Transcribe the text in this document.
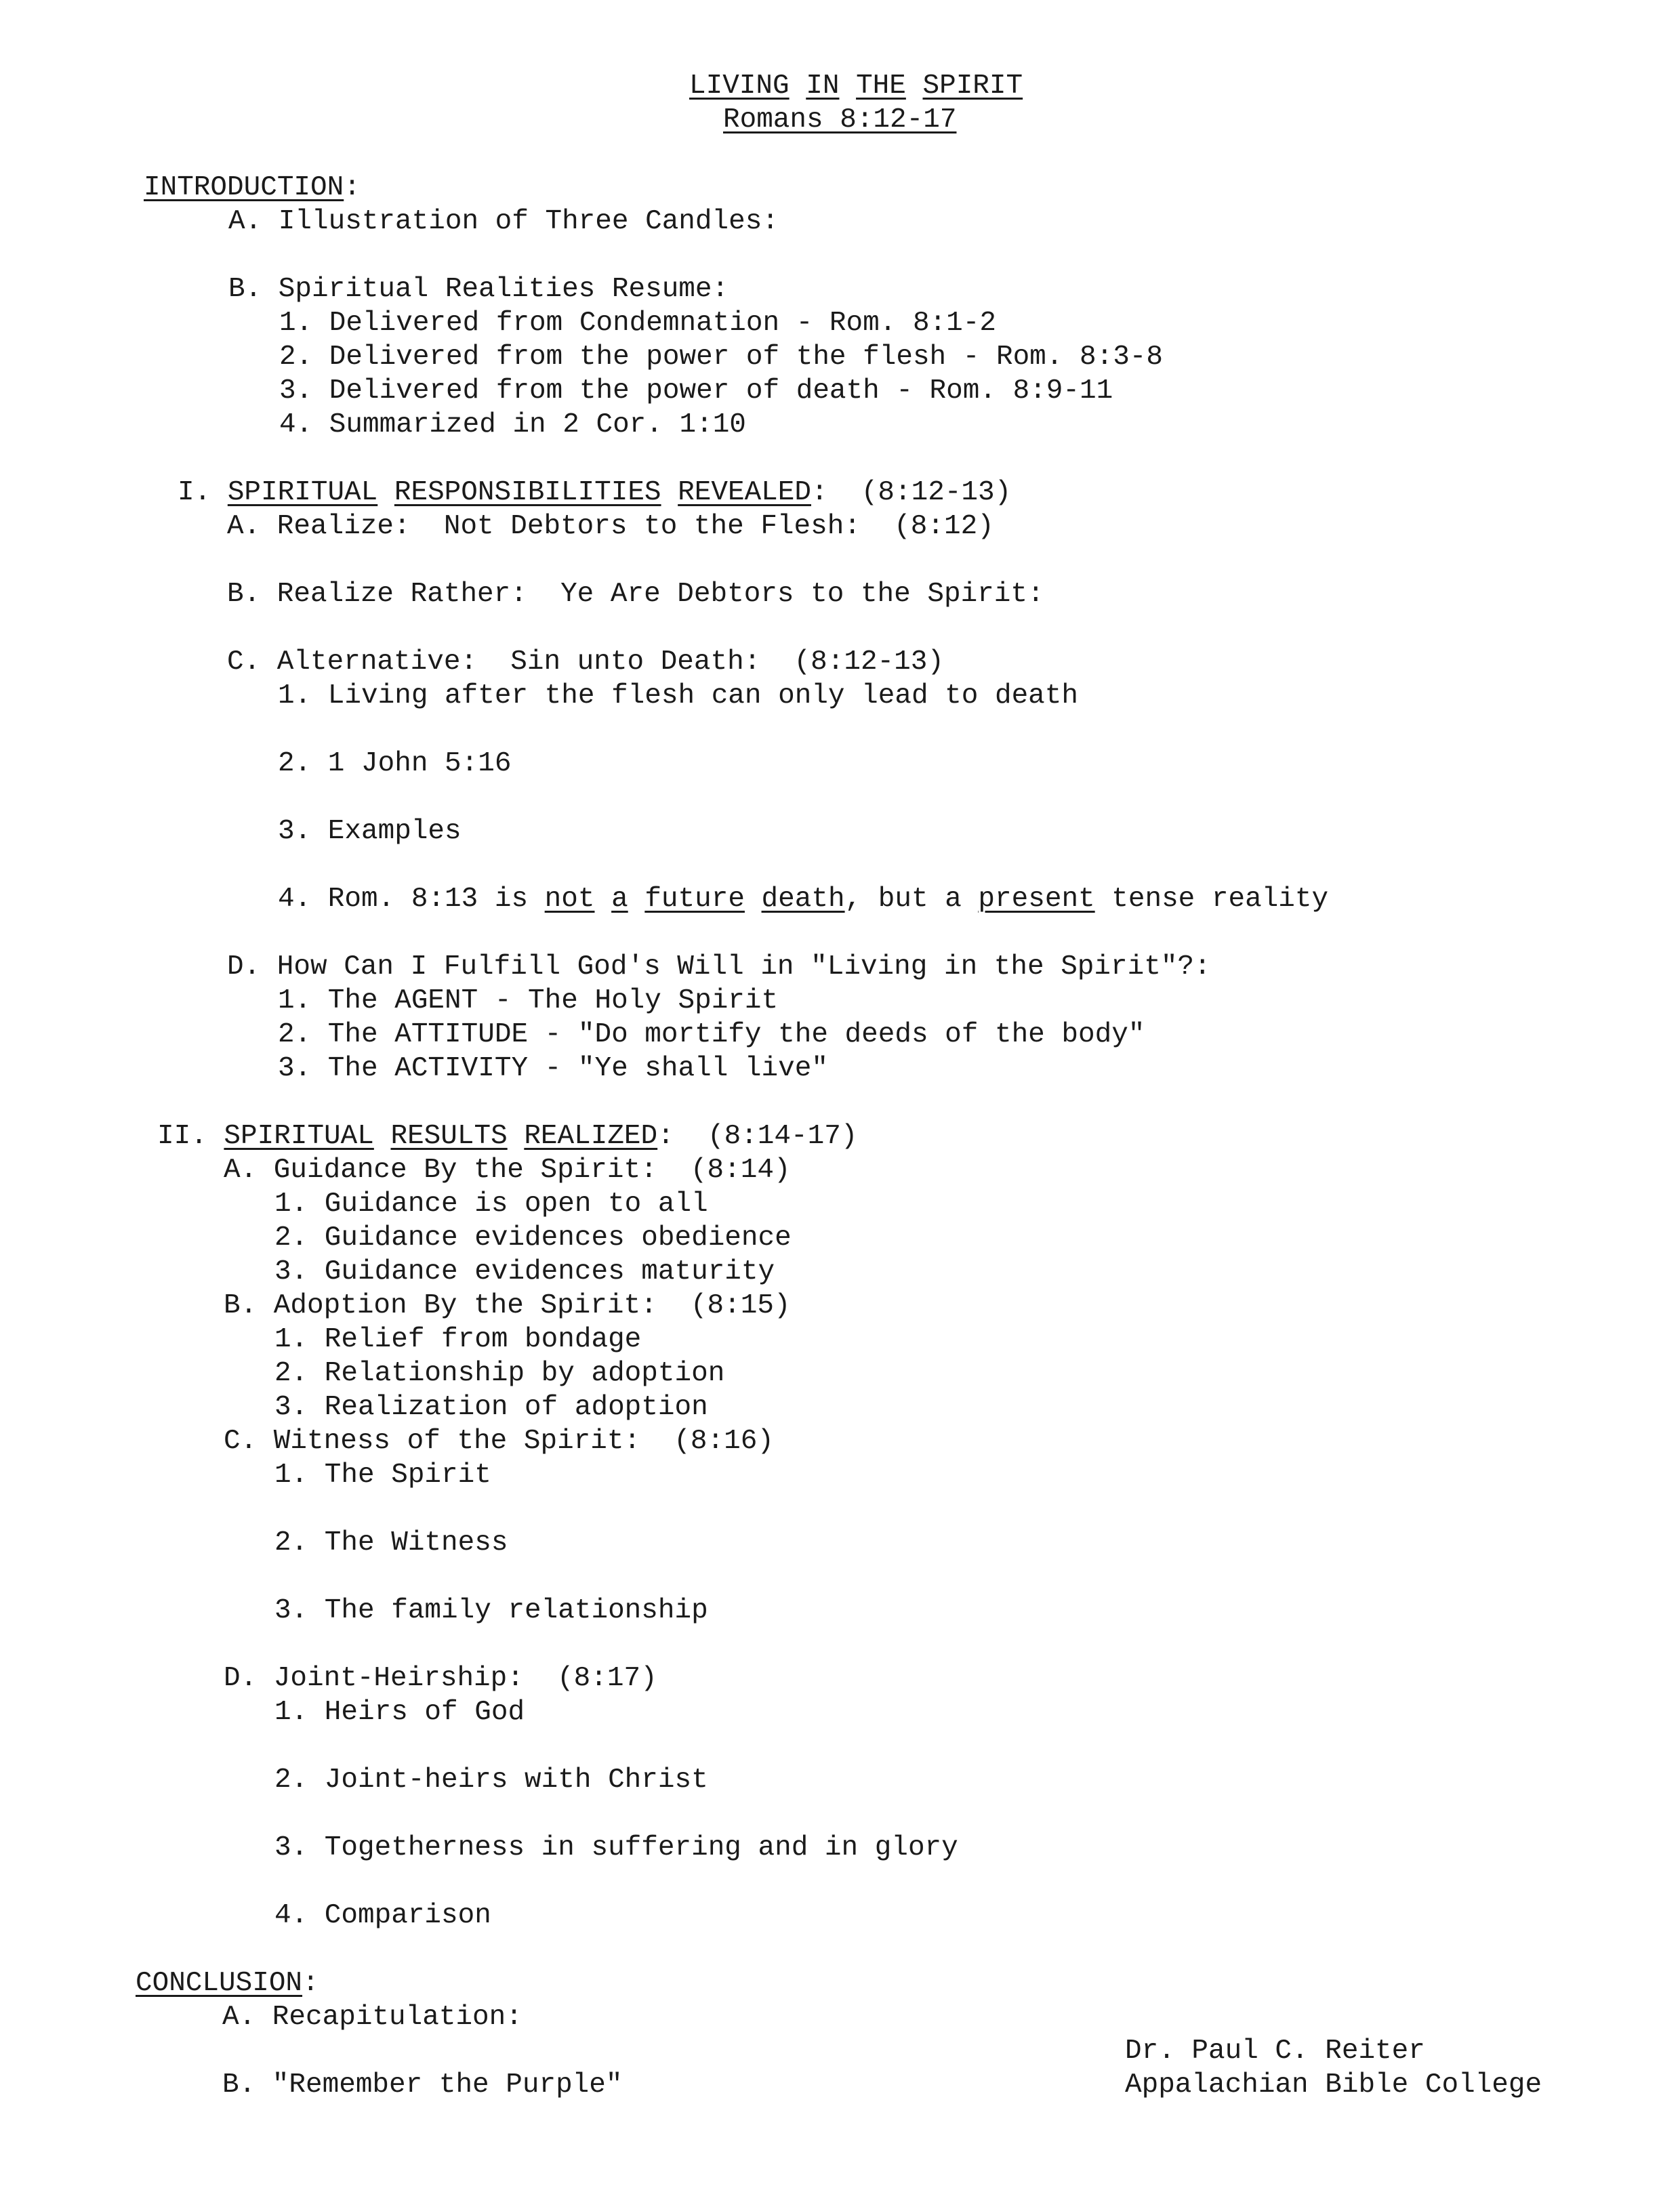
LIVING IN THE SPIRIT
Romans 8:12-17
INTRODUCTION:
A. Illustration of Three Candles:
B. Spiritual Realities Resume:
1. Delivered from Condemnation - Rom. 8:1-2
2. Delivered from the power of the flesh - Rom. 8:3-8
3. Delivered from the power of death - Rom. 8:9-11
4. Summarized in 2 Cor. 1:10
I. SPIRITUAL RESPONSIBILITIES REVEALED:  (8:12-13)
A. Realize:  Not Debtors to the Flesh:  (8:12)
B. Realize Rather:  Ye Are Debtors to the Spirit:
C. Alternative:  Sin unto Death:  (8:12-13)
1. Living after the flesh can only lead to death
2. 1 John 5:16
3. Examples
4. Rom. 8:13 is not a future death, but a present tense reality
D. How Can I Fulfill God's Will in "Living in the Spirit"?:
1. The AGENT - The Holy Spirit
2. The ATTITUDE - "Do mortify the deeds of the body"
3. The ACTIVITY - "Ye shall live"
II. SPIRITUAL RESULTS REALIZED:  (8:14-17)
A. Guidance By the Spirit:  (8:14)
1. Guidance is open to all
2. Guidance evidences obedience
3. Guidance evidences maturity
B. Adoption By the Spirit:  (8:15)
1. Relief from bondage
2. Relationship by adoption
3. Realization of adoption
C. Witness of the Spirit:  (8:16)
1. The Spirit
2. The Witness
3. The family relationship
D. Joint-Heirship:  (8:17)
1. Heirs of God
2. Joint-heirs with Christ
3. Togetherness in suffering and in glory
4. Comparison
CONCLUSION:
A. Recapitulation:
B. "Remember the Purple"
Dr. Paul C. Reiter
Appalachian Bible College
